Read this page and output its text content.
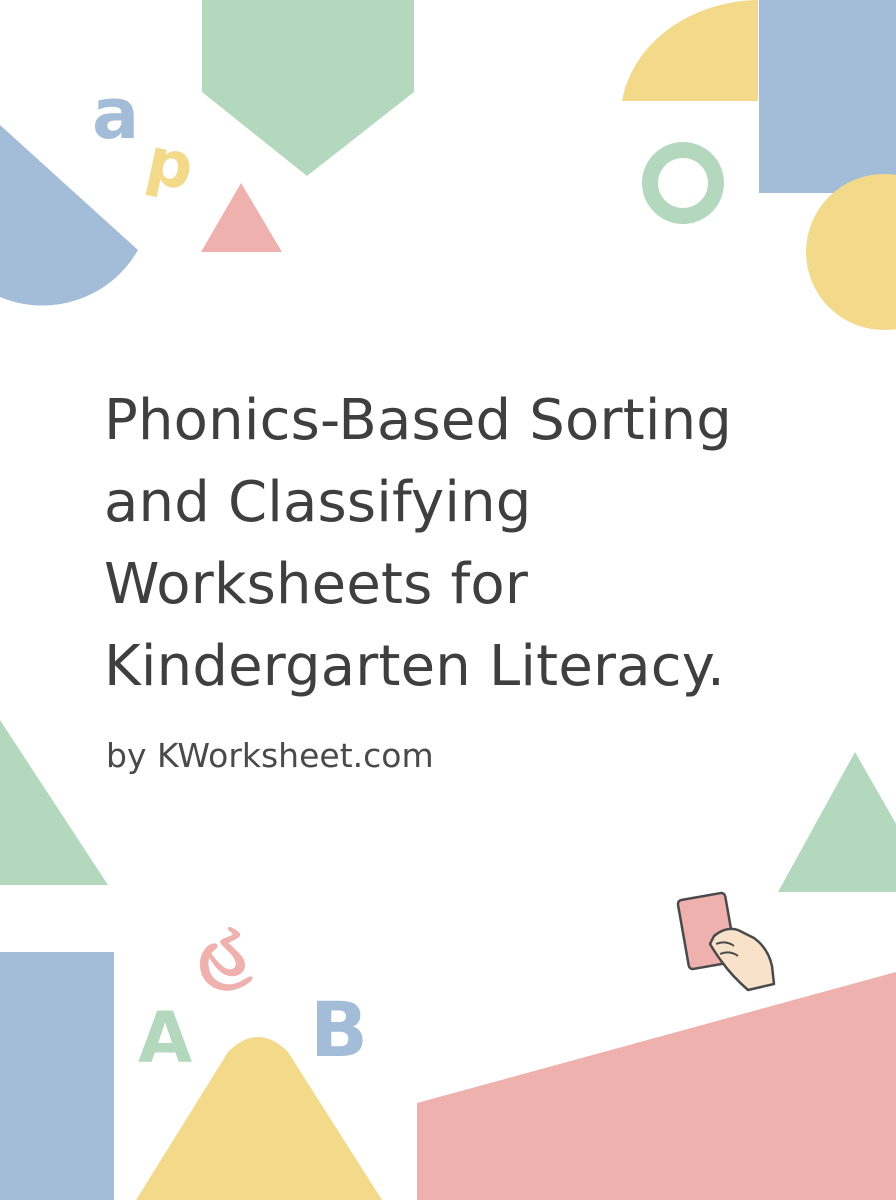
a
p
હ
A B
Phonics-Based Sorting
and Classifying
Worksheets for
Kindergarten Literacy.

by KWorksheet.com
